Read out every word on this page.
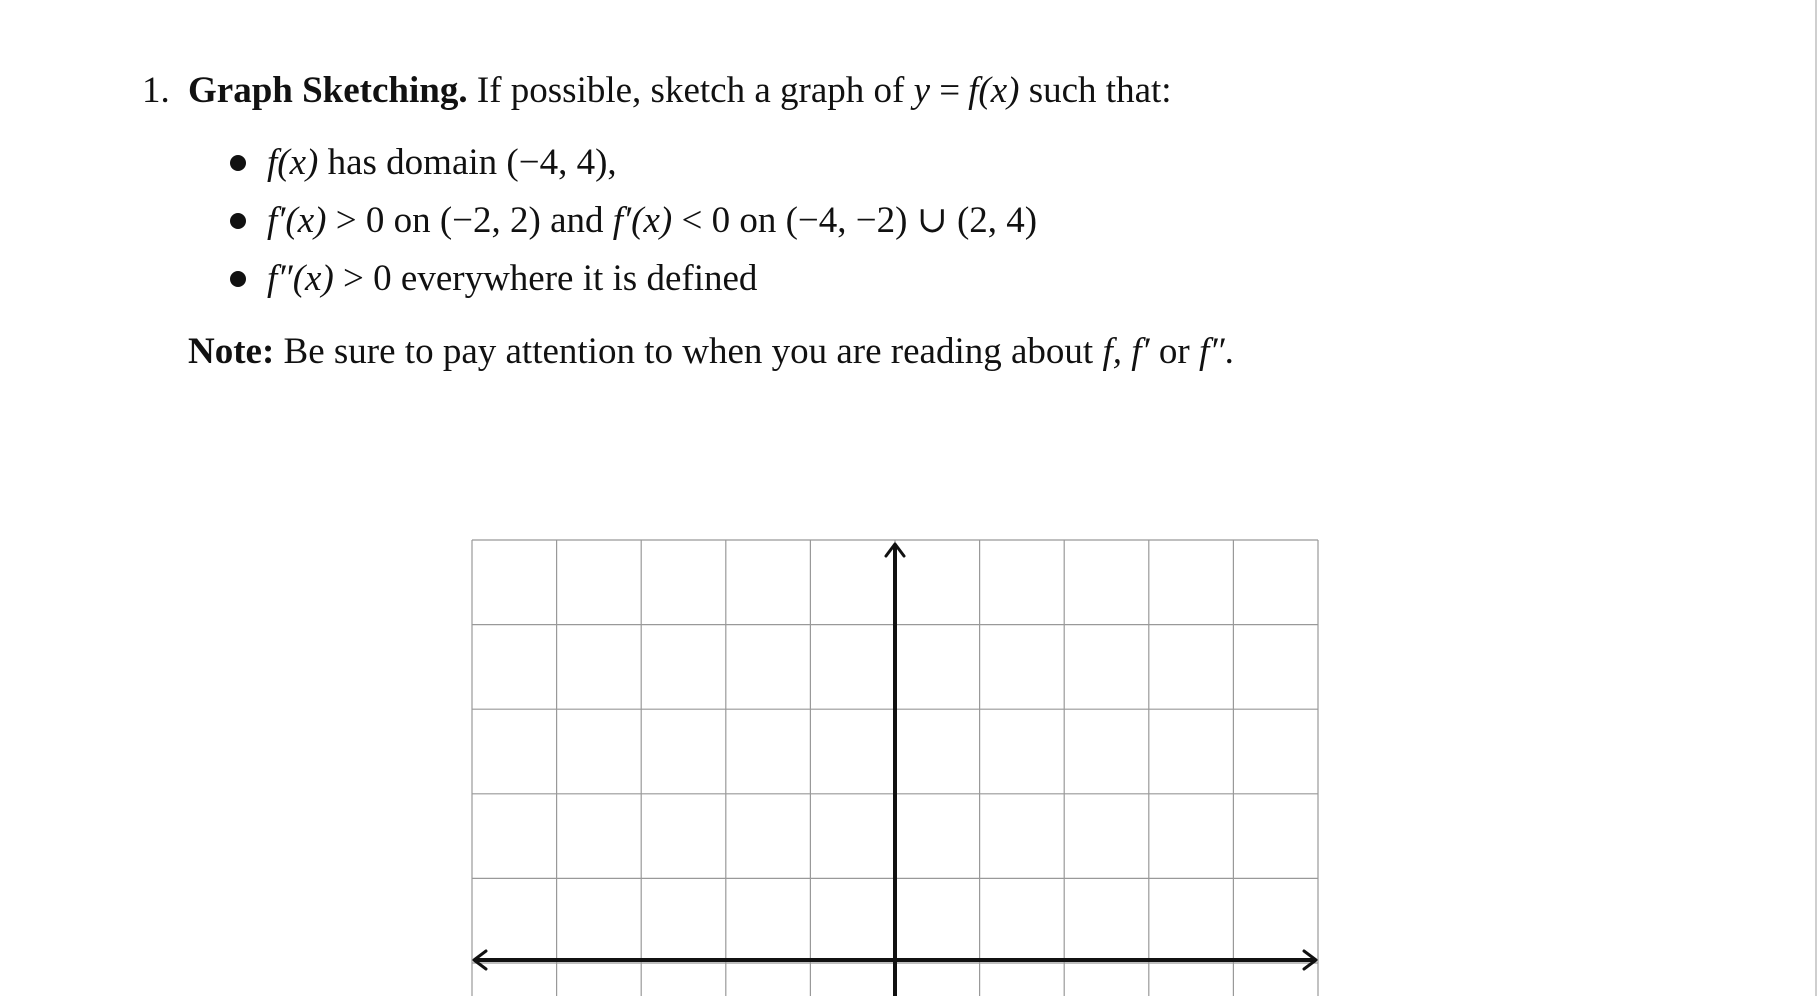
1. Graph Sketching. If possible, sketch a graph of y = f(x) such that:
f(x) has domain (−4, 4),
f′(x) > 0 on (−2, 2) and f′(x) < 0 on (−4, −2) ∪ (2, 4)
f″(x) > 0 everywhere it is defined
Note: Be sure to pay attention to when you are reading about f, f′ or f″.
